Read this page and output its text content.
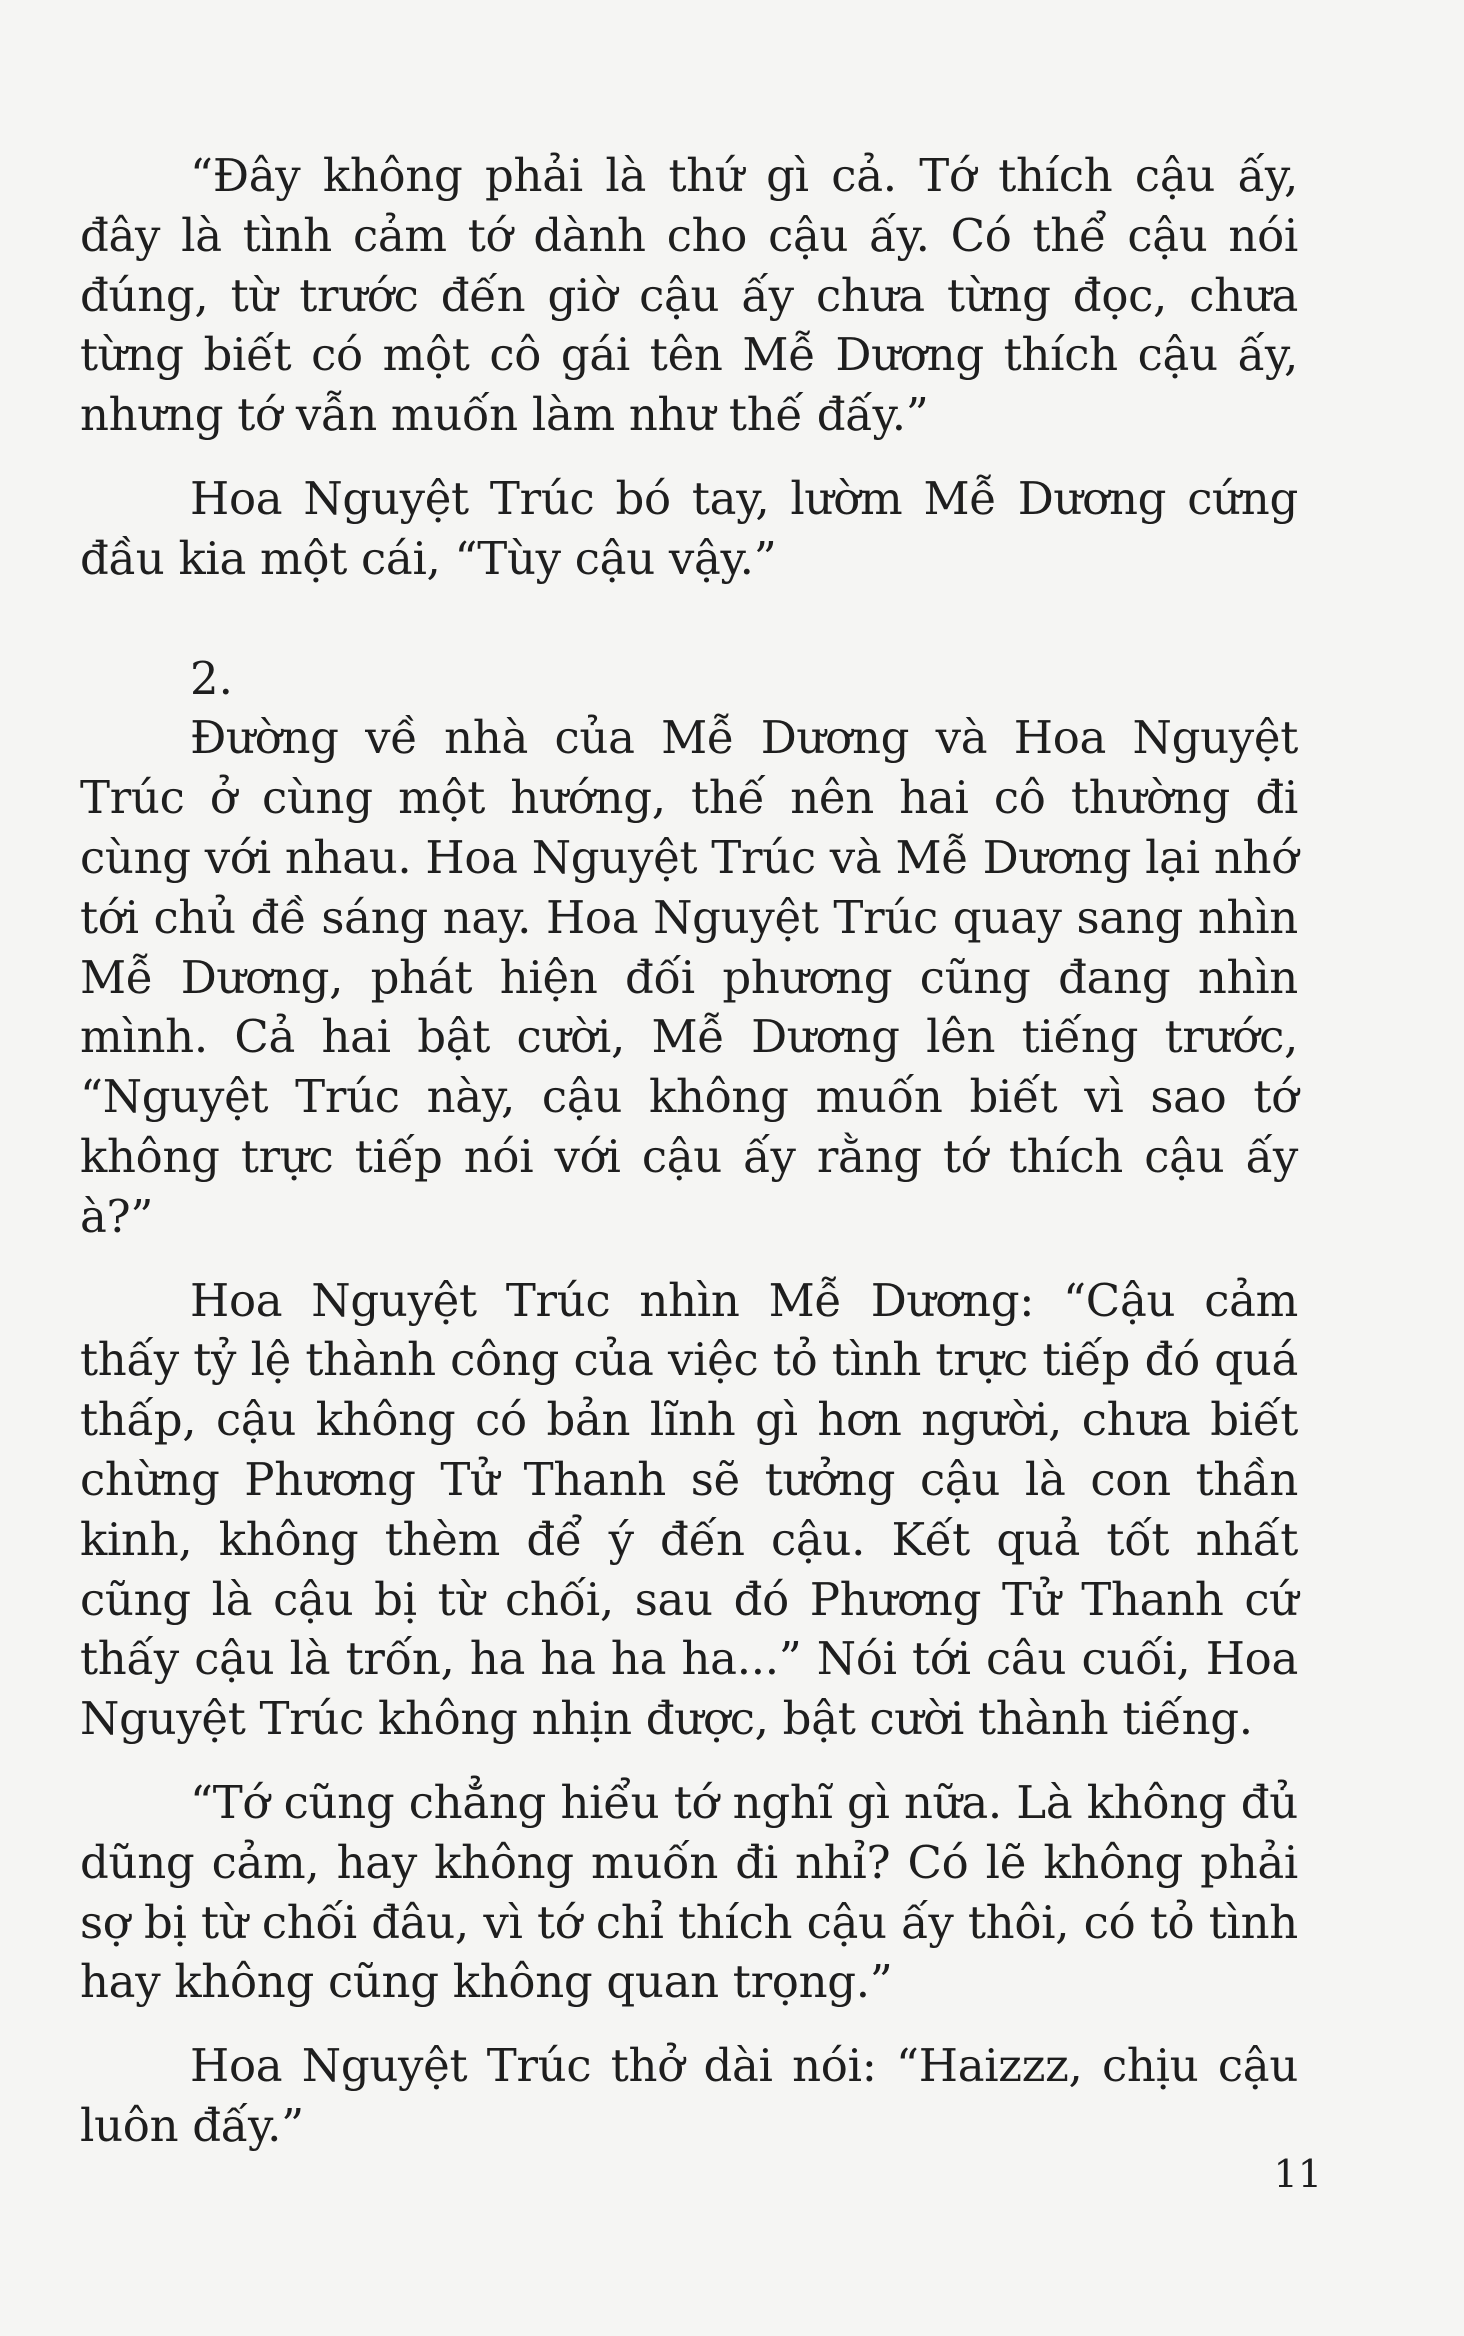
“Đây không phải là thứ gì cả. Tớ thích cậu ấy, đây là tình cảm tớ dành cho cậu ấy. Có thể cậu nói đúng, từ trước đến giờ cậu ấy chưa từng đọc, chưa từng biết có một cô gái tên Mễ Dương thích cậu ấy, nhưng tớ vẫn muốn làm như thế đấy.”

Hoa Nguyệt Trúc bó tay, lườm Mễ Dương cứng đầu kia một cái, “Tùy cậu vậy.”

2.

Đường về nhà của Mễ Dương và Hoa Nguyệt Trúc ở cùng một hướng, thế nên hai cô thường đi cùng với nhau. Hoa Nguyệt Trúc và Mễ Dương lại nhớ tới chủ đề sáng nay. Hoa Nguyệt Trúc quay sang nhìn Mễ Dương, phát hiện đối phương cũng đang nhìn mình. Cả hai bật cười, Mễ Dương lên tiếng trước, “Nguyệt Trúc này, cậu không muốn biết vì sao tớ không trực tiếp nói với cậu ấy rằng tớ thích cậu ấy à?”

Hoa Nguyệt Trúc nhìn Mễ Dương: “Cậu cảm thấy tỷ lệ thành công của việc tỏ tình trực tiếp đó quá thấp, cậu không có bản lĩnh gì hơn người, chưa biết chừng Phương Tử Thanh sẽ tưởng cậu là con thần kinh, không thèm để ý đến cậu. Kết quả tốt nhất cũng là cậu bị từ chối, sau đó Phương Tử Thanh cứ thấy cậu là trốn, ha ha ha ha...” Nói tới câu cuối, Hoa Nguyệt Trúc không nhịn được, bật cười thành tiếng.

“Tớ cũng chẳng hiểu tớ nghĩ gì nữa. Là không đủ dũng cảm, hay không muốn đi nhỉ? Có lẽ không phải sợ bị từ chối đâu, vì tớ chỉ thích cậu ấy thôi, có tỏ tình hay không cũng không quan trọng.”

Hoa Nguyệt Trúc thở dài nói: “Haizzz, chịu cậu luôn đấy.”

11
